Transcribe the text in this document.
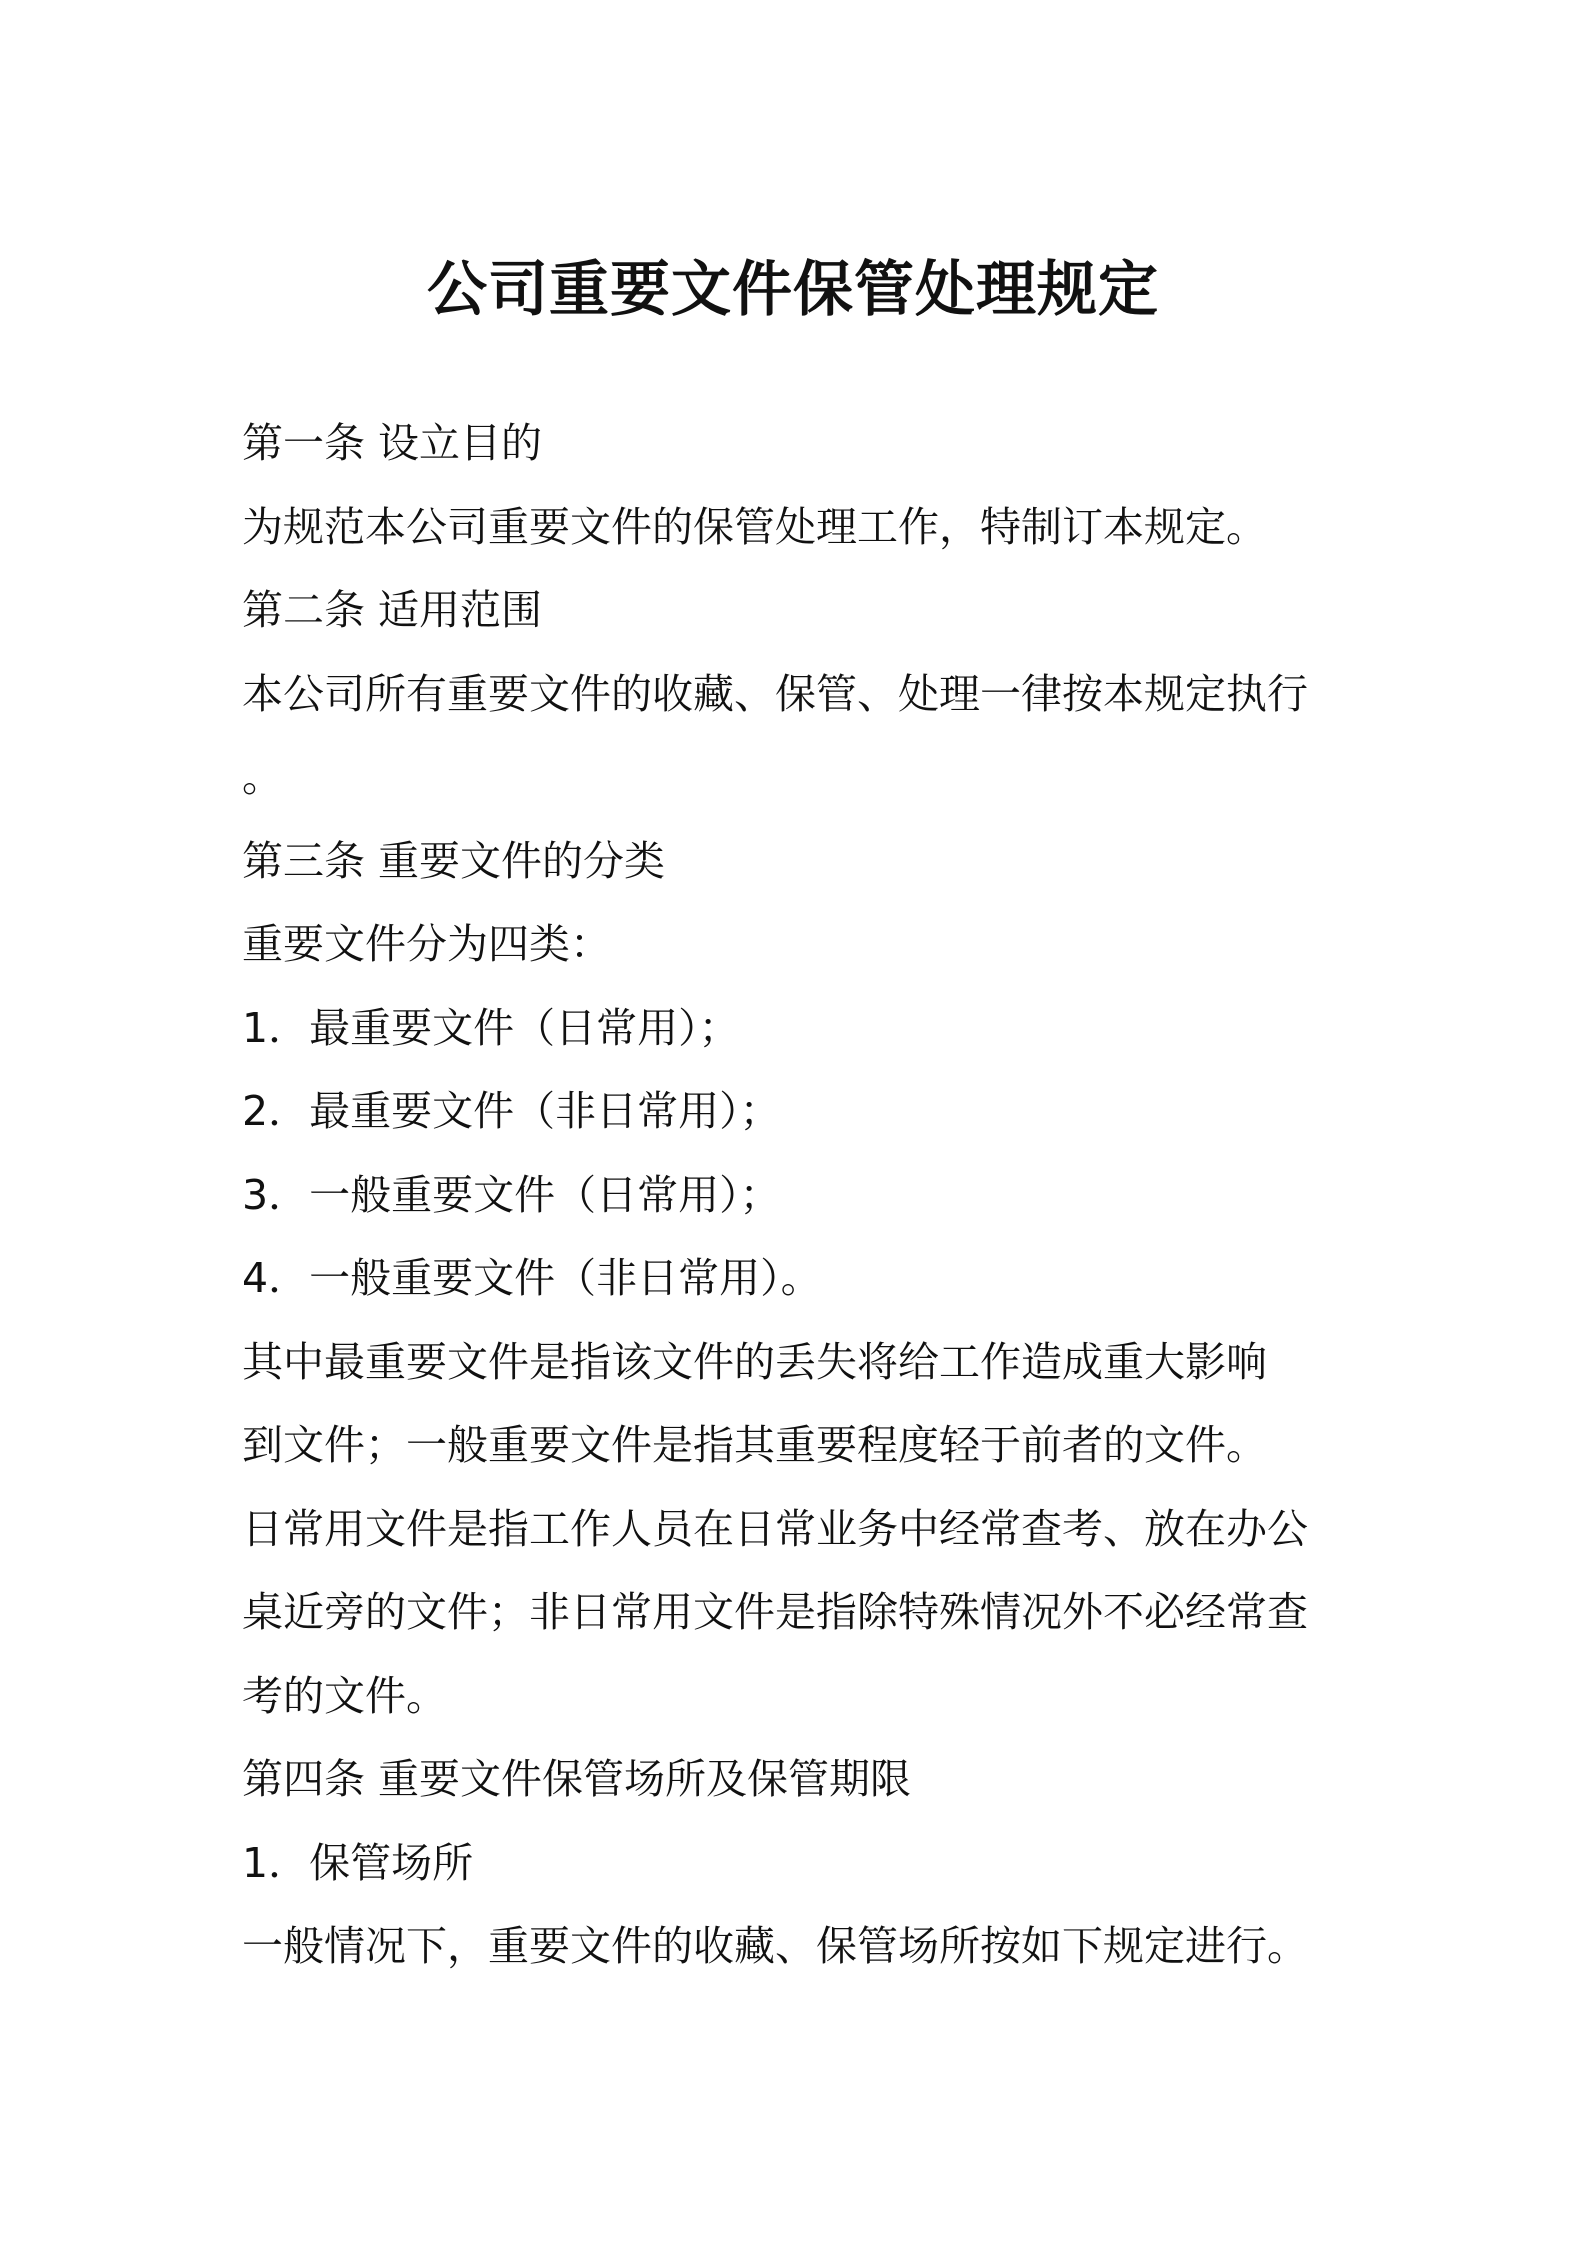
公司重要文件保管处理规定
第一条 设立目的
为规范本公司重要文件的保管处理工作，特制订本规定。
第二条 适用范围
本公司所有重要文件的收藏、保管、处理一律按本规定执行
。
第三条 重要文件的分类
重要文件分为四类：
1．最重要文件（日常用）；
2．最重要文件（非日常用）；
3．一般重要文件（日常用）；
4．一般重要文件（非日常用）。
其中最重要文件是指该文件的丢失将给工作造成重大影响
到文件；一般重要文件是指其重要程度轻于前者的文件。
日常用文件是指工作人员在日常业务中经常查考、放在办公
桌近旁的文件；非日常用文件是指除特殊情况外不必经常查
考的文件。
第四条 重要文件保管场所及保管期限
1．保管场所
一般情况下，重要文件的收藏、保管场所按如下规定进行。
